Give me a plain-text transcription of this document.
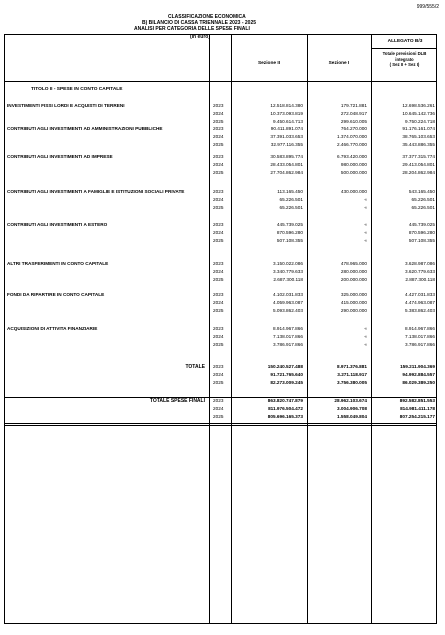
999/555/2
CLASSIFICAZIONE ECONOMICA
B) BILANCIO DI CASSA TRIENNALE 2023 - 2025
ANALISI PER CATEGORIA DELLE SPESE FINALI
(in euro)
ALLEGATO B/3
Sezione II	Sezione I
Totale previsioni DLB
integrato
( Sez II + Sez I)
TITOLO II - SPESE IN CONTO CAPITALE
INVESTIMENTI FISSI LORDI E ACQUISTI DI TERRENI	2023	12.518.814.380	179.721.881	12.698.536.261
2024	10.373.093.819	272.048.917	10.645.142.736
2025	9.450.614.713	299.610.005	9.750.224.718
CONTRIBUTI AGLI INVESTIMENTI AD AMMINISTRAZIONI PUBBLICHE	2023	90.411.891.074	764.270.000	91.176.161.074
2024	37.391.033.653	1.374.070.000	38.765.103.653
2025	32.977.116.355	2.466.770.000	35.443.886.355
CONTRIBUTI AGLI INVESTIMENTI AD IMPRESE	2023	30.583.895.774	6.793.420.000	37.377.315.774
2024	28.433.054.801	980.000.000	29.413.054.801
2025	27.704.862.984	500.000.000	28.204.862.984
CONTRIBUTI AGLI INVESTIMENTI A FAMIGLIE E ISTITUZIONI SOCIALI PRIVATE	2023	113.165.450	430.000.000	543.165.450
2024	65.226.501	«	65.226.501
2025	65.226.501	«	65.226.501
CONTRIBUTI AGLI INVESTIMENTI A ESTERO	2023	445.739.025	«	445.739.025
2024	870.596.280	«	870.596.280
2025	507.108.355	«	507.108.355
ALTRI TRASFERIMENTI IN CONTO CAPITALE	2023	3.150.022.086	478.965.000	3.628.987.086
2024	3.340.779.633	280.000.000	3.620.779.633
2025	2.687.300.118	200.000.000	2.887.300.118
FONDI DA RIPARTIRE IN CONTO CAPITALE	2023	4.102.031.833	325.000.000	4.427.031.833
2024	4.059.963.087	415.000.000	4.474.963.087
2025	5.093.862.403	290.000.000	5.383.862.403
ACQUISIZIONI DI ATTIVITA FINANZIARIE	2023	8.914.967.866	«	8.914.967.866
2024	7.138.017.866	«	7.138.017.866
2025	3.786.917.866	«	3.786.917.866
TOTALE 2023	150.240.527.488	8.971.376.881	159.211.904.369
2024	91.721.765.640	3.271.118.917	94.992.884.557
2025	82.273.009.245	3.756.380.005	86.029.389.250
TOTALE SPESE FINALI 2023	863.820.747.879	28.962.103.674	892.582.851.553
2024	811.976.504.472	3.004.906.708	814.981.411.178
2025	805.696.165.373	1.558.049.804	807.254.215.177
